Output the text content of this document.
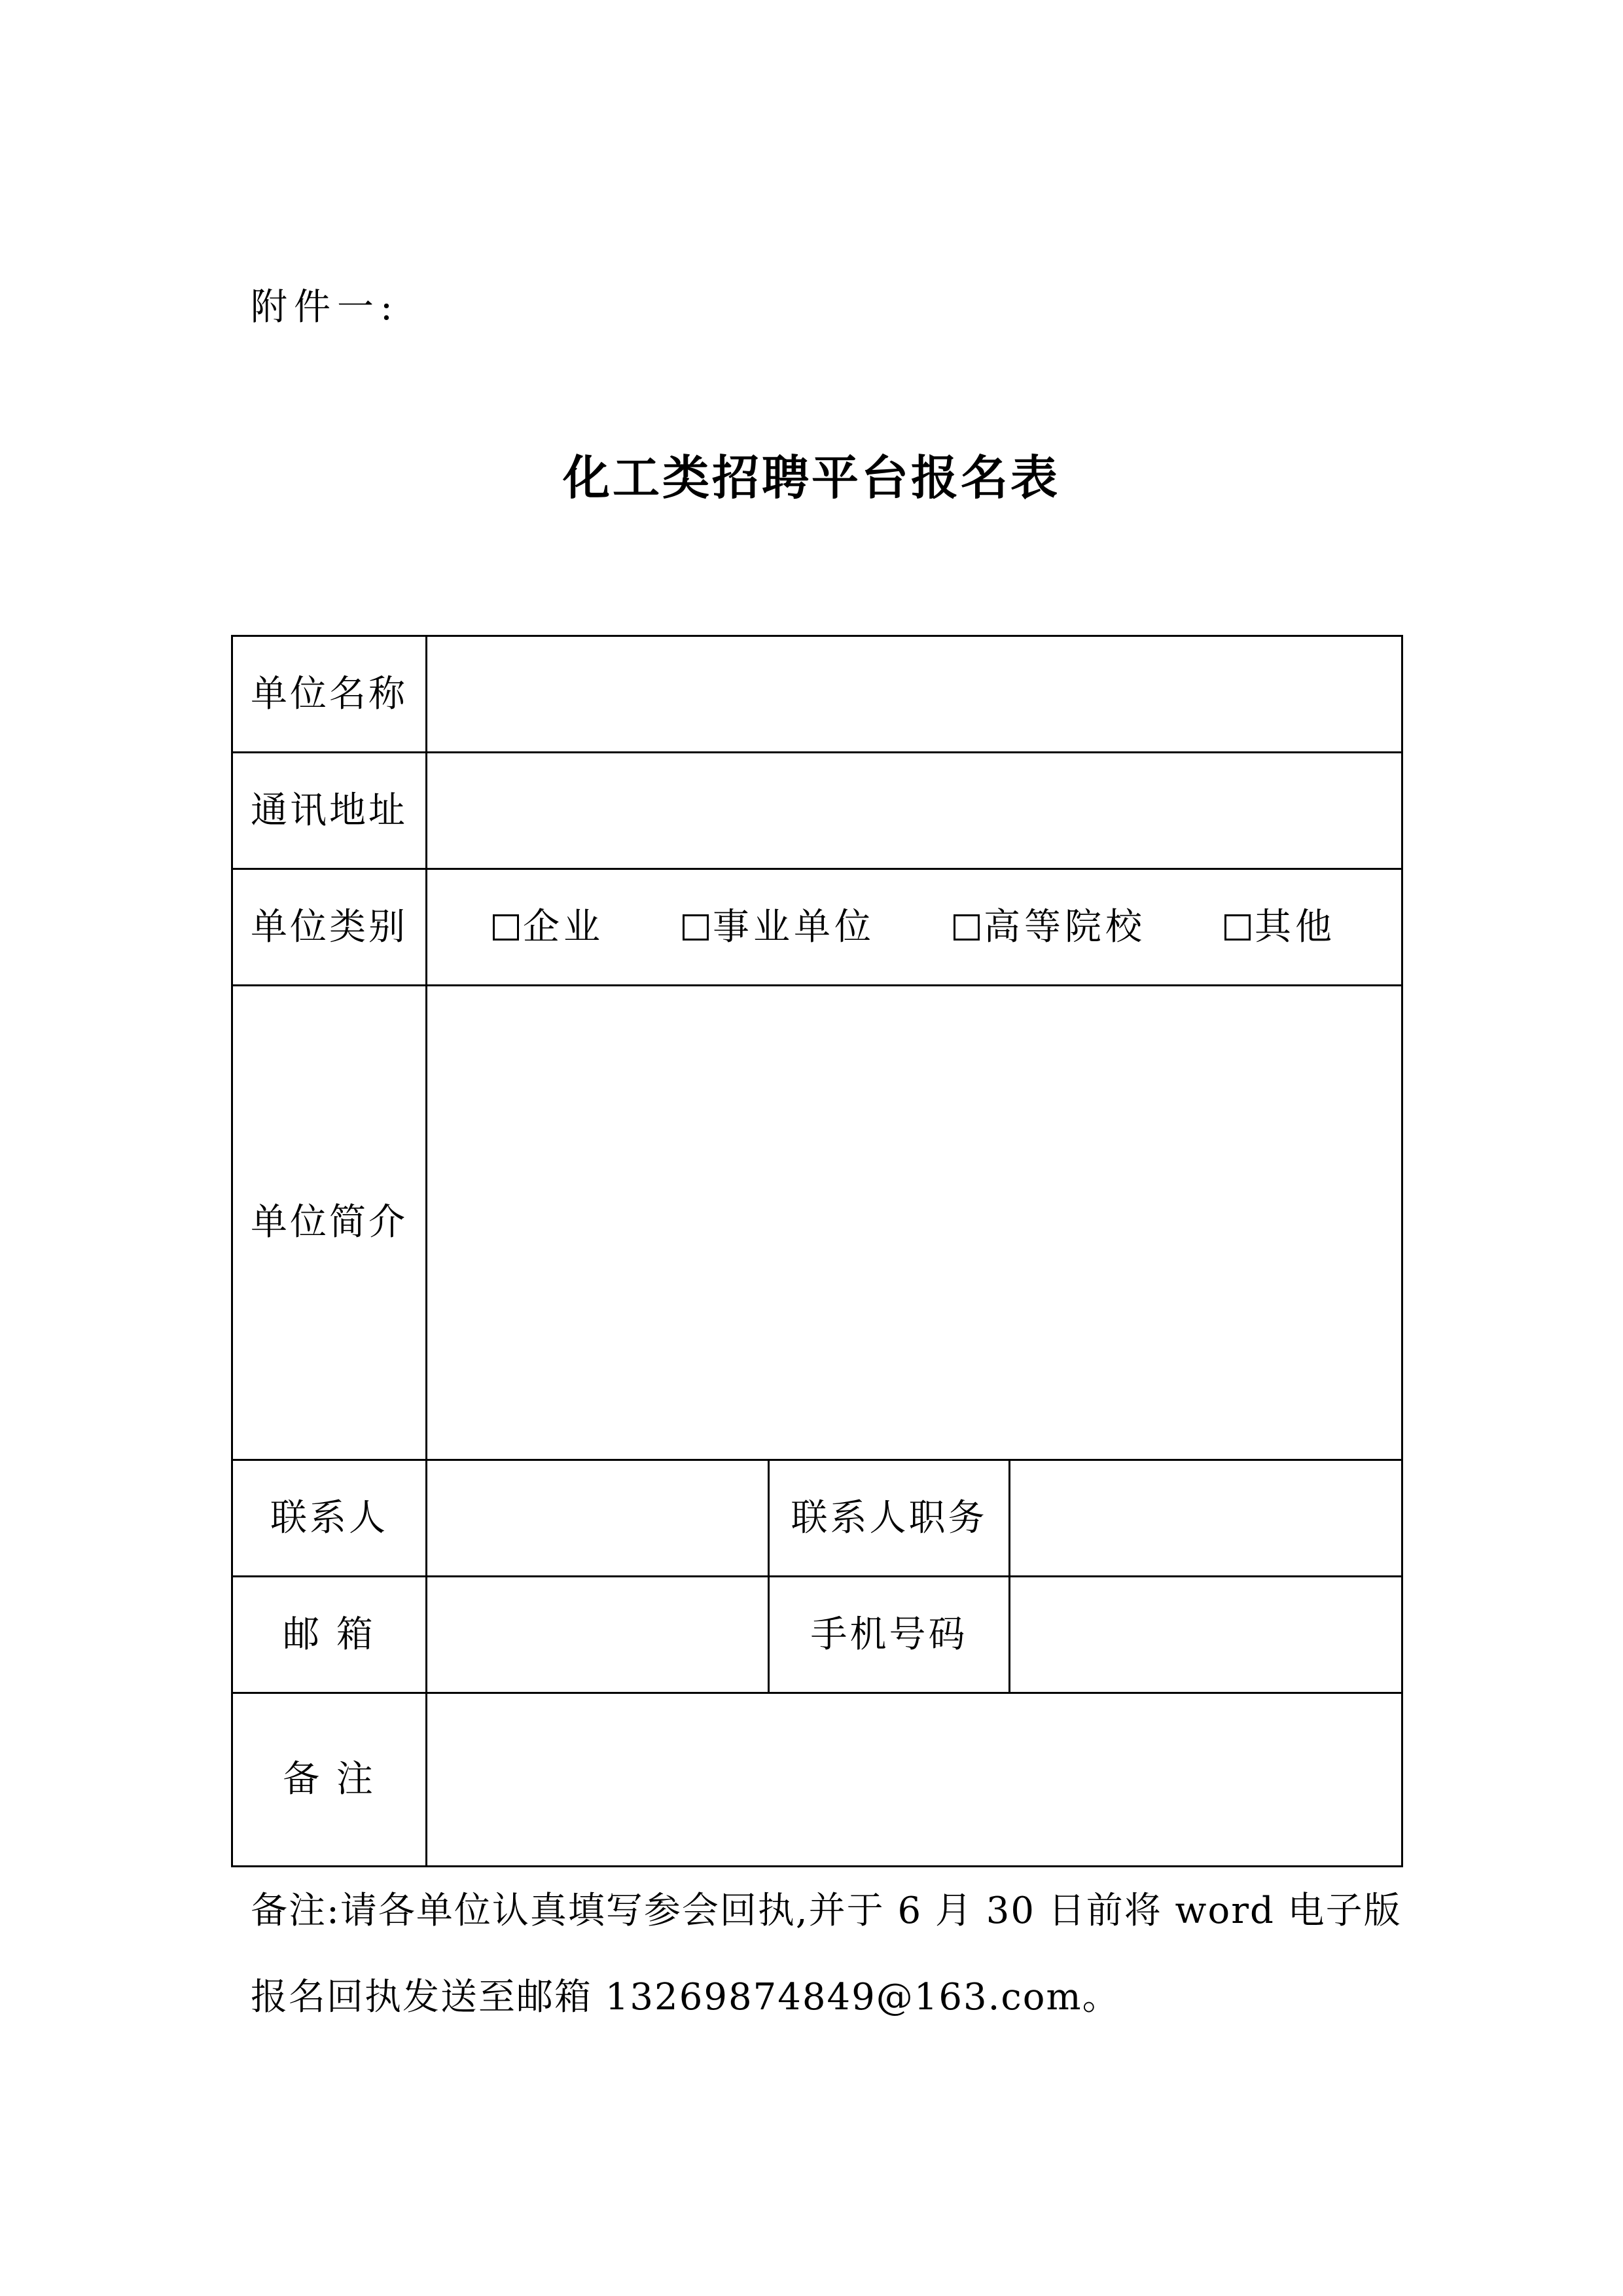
附件一:
化工类招聘平台报名表
单位名称			
通讯地址			
单位类别	企业 事业单位 高等院校 其他		

单位简介			
联系人		联系人职务	
邮 箱		手机号码	
备 注			
备注:请各单位认真填写参会回执,并于 6 月 30 日前将 word 电子版
报名回执发送至邮箱 13269874849@163.com。
